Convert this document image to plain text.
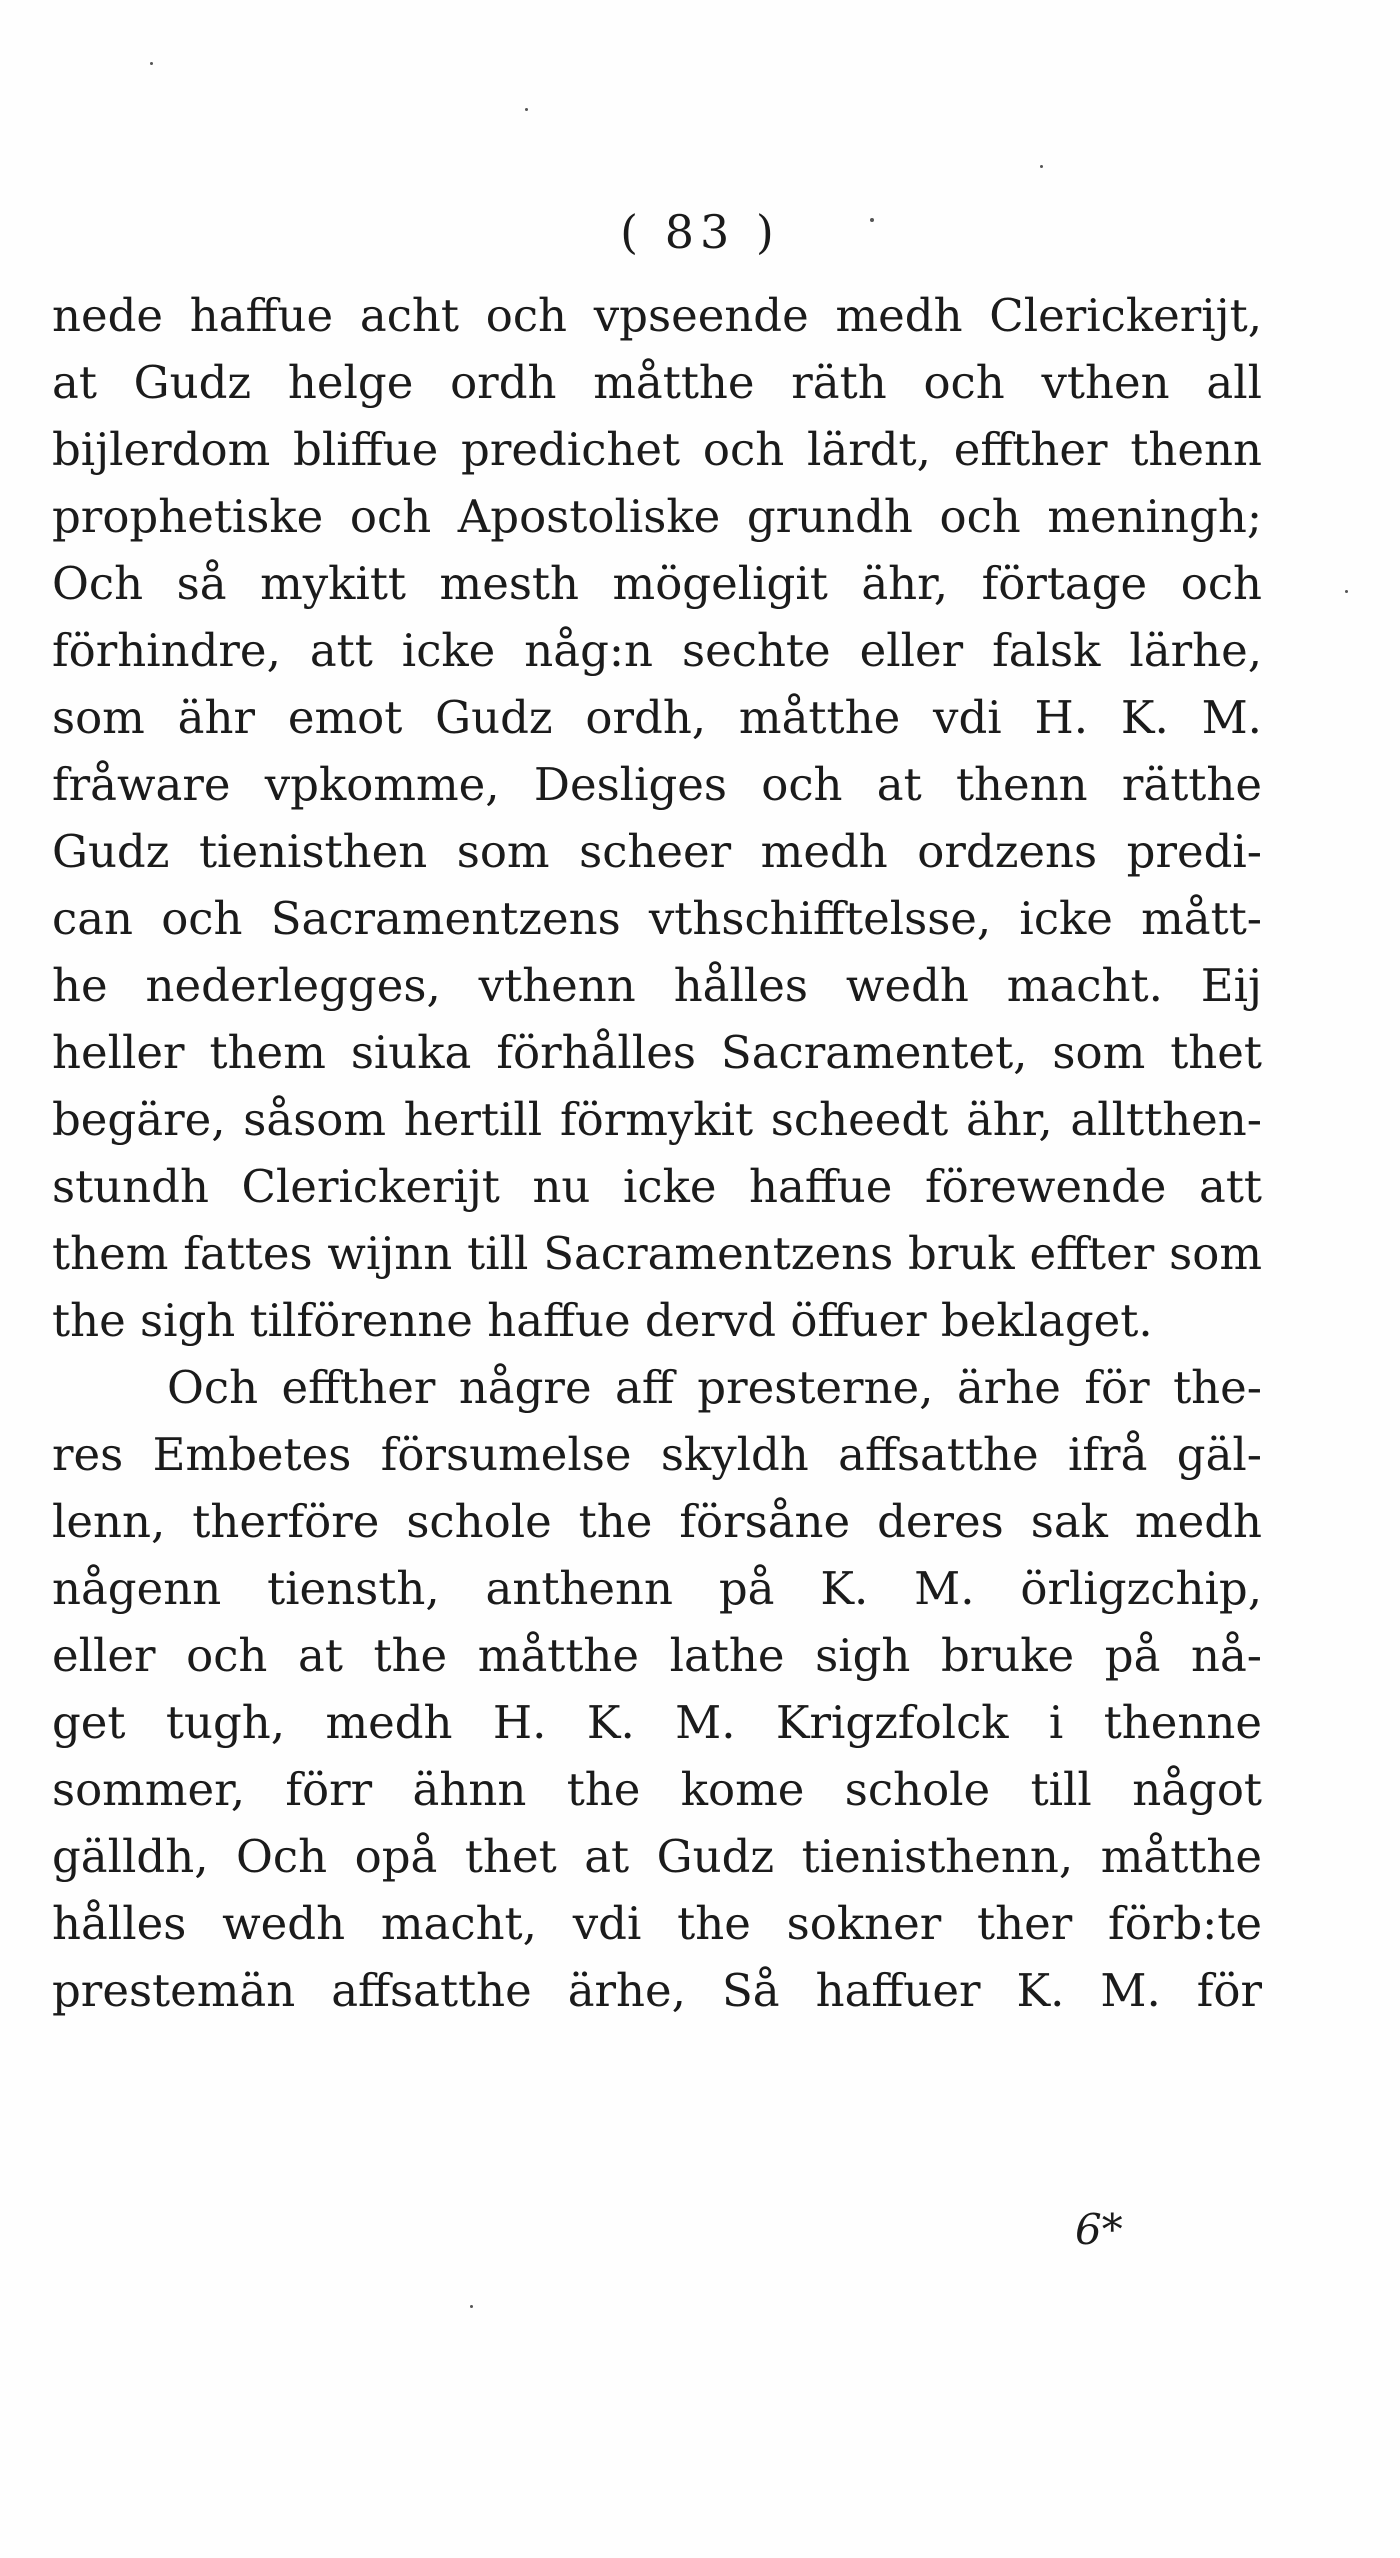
( 83 )
nede haffue acht och vpseende medh Clerickerijt,
at Gudz helge ordh måtthe räth och vthen all
bijlerdom bliffue predichet och lärdt, effther thenn
prophetiske och Apostoliske grundh och meningh;
Och så mykitt mesth mögeligit ähr, förtage och
förhindre, att icke någ:n sechte eller falsk lärhe,
som ähr emot Gudz ordh, måtthe vdi H. K. M.
fråware vpkomme, Desliges och at thenn rätthe
Gudz tienisthen som scheer medh ordzens predi-
can och Sacramentzens vthschifftelsse, icke mått-
he nederlegges, vthenn hålles wedh macht. Eij
heller them siuka förhålles Sacramentet, som thet
begäre, såsom hertill förmykit scheedt ähr, alltthen-
stundh Clerickerijt nu icke haffue förewende att
them fattes wijnn till Sacramentzens bruk effter som
the sigh tilförenne haffue dervd öffuer beklaget.
Och effther någre aff presterne, ärhe för the-
res Embetes försumelse skyldh affsatthe ifrå gäl-
lenn, therföre schole the försåne deres sak medh
någenn tiensth, anthenn på K. M. örligzchip,
eller och at the måtthe lathe sigh bruke på nå-
get tugh, medh H. K. M. Krigzfolck i thenne
sommer, förr ähnn the kome schole till något
gälldh, Och opå thet at Gudz tienisthenn, måtthe
hålles wedh macht, vdi the sokner ther förb:te
prestemän affsatthe ärhe, Så haffuer K. M. för
6*
